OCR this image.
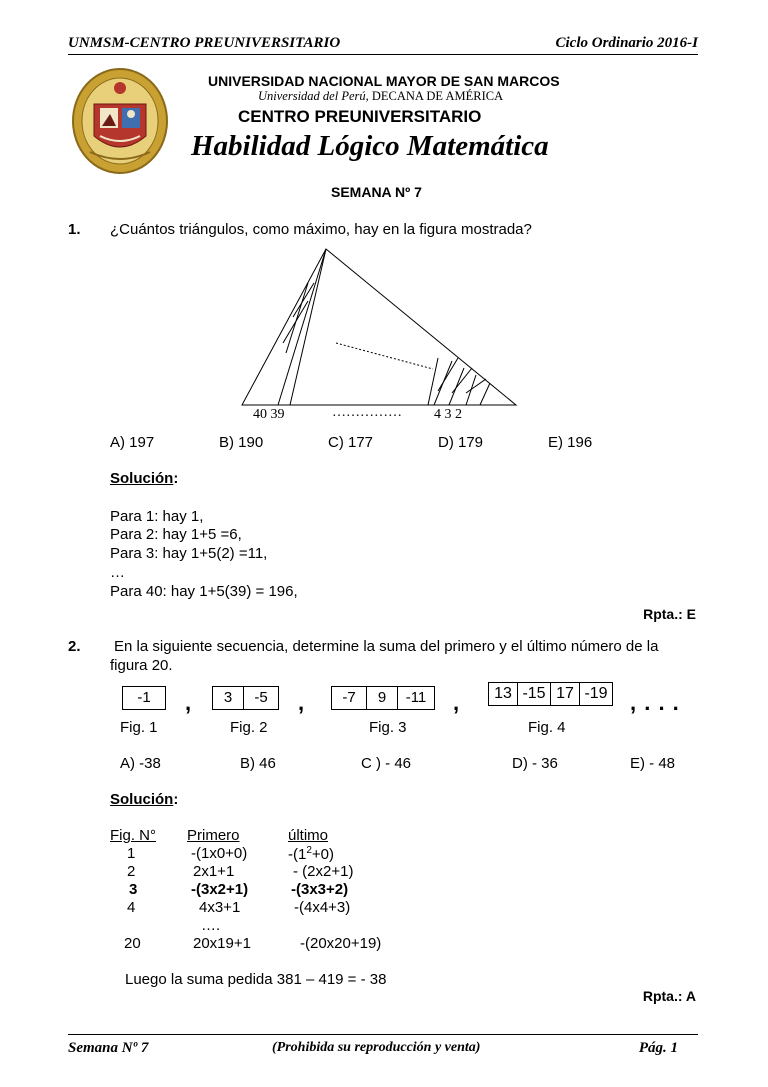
UNMSM-CENTRO PREUNIVERSITARIO	Ciclo Ordinario 2016-I
UNIVERSIDAD NACIONAL MAYOR DE SAN MARCOS
Universidad del Perú, DECANA DE AMÉRICA
CENTRO PREUNIVERSITARIO
Habilidad Lógico Matemática
SEMANA Nº 7
1. ¿Cuántos triángulos, como máximo, hay en la figura mostrada?
40 39	…………… 4 3 2
A) 197	B) 190	C) 177	D) 179	E) 196
Solución:
Para 1: hay 1,
Para 2: hay 1+5 =6,
Para 3: hay 1+5(2) =11,
…
Para 40: hay 1+5(39) = 196,
Rpta.: E
2. En la siguiente secuencia, determine la suma del primero y el último número de la
figura 20.
-1	,	3	-5	,	-7	9	-11	,	13 -15 17 -19 , . . .
Fig. 1	Fig. 2	Fig. 3	Fig. 4
A) -38	B) 46	C ) - 46	D) - 36	E) - 48
Solución:
Fig. N° Primero	último
1	-(1x0+0)	$-(1^2+0)$
2	2x1+1	- (2x2+1)
3	-(3x2+1)	-(3x3+2)
4	4x3+1	-(4x4+3)
….
20	20x19+1	-(20x20+19)
Luego la suma pedida 381 – 419 = - 38
Rpta.: A
Semana Nº 7	(Prohibida su reproducción y venta)	Pág. 1
